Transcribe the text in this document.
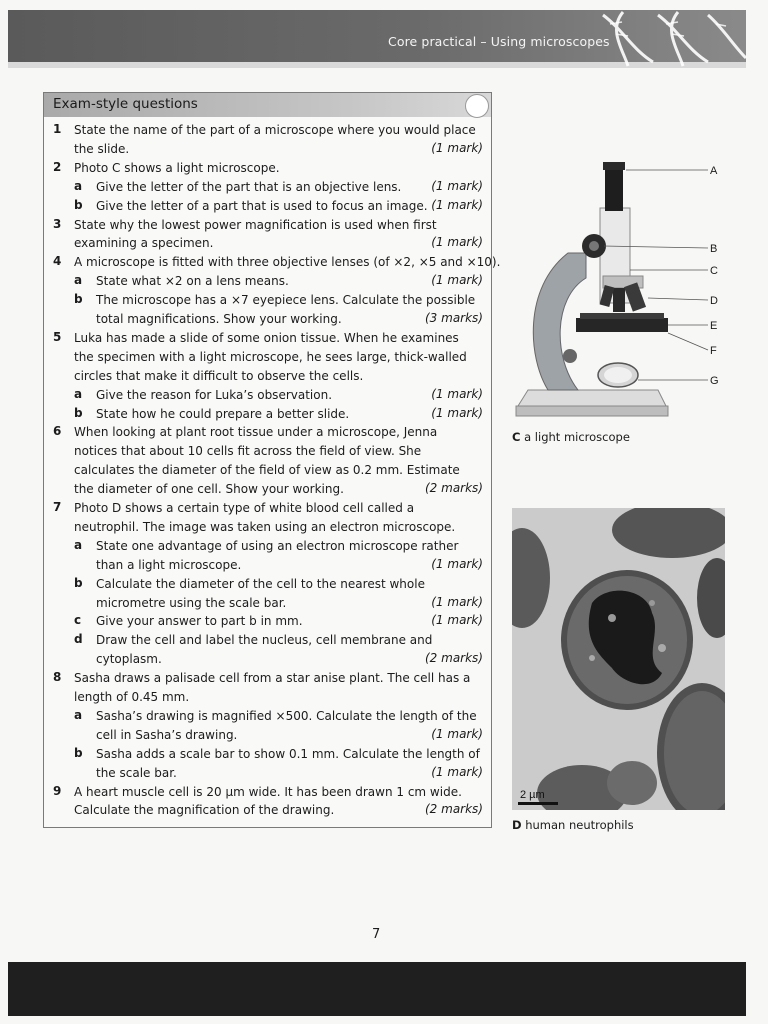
Core practical – Using microscopes
Exam-style questions
1 State the name of the part of a microscope where you would place
the slide.	(1 mark)
2 Photo C shows a light microscope.
a Give the letter of the part that is an objective lens. (1 mark)
b Give the letter of a part that is used to focus an image. (1 mark)
3 State why the lowest power magnification is used when first
examining a specimen.	(1 mark)
4 A microscope is fitted with three objective lenses (of ×2, ×5 and ×10).
a State what ×2 on a lens means.	(1 mark)
b The microscope has a ×7 eyepiece lens. Calculate the possible
total magnifications. Show your working.	(3 marks)
5 Luka has made a slide of some onion tissue. When he examines
the specimen with a light microscope, he sees large, thick-walled
circles that make it difficult to observe the cells.
a Give the reason for Luka’s observation.	(1 mark)
b State how he could prepare a better slide.	(1 mark)
6 When looking at plant root tissue under a microscope, Jenna
notices that about 10 cells fit across the field of view. She
calculates the diameter of the field of view as 0.2 mm. Estimate
the diameter of one cell. Show your working.	(2 marks)
7 Photo D shows a certain type of white blood cell called a
neutrophil. The image was taken using an electron microscope.
a State one advantage of using an electron microscope rather
than a light microscope.	(1 mark)
b Calculate the diameter of the cell to the nearest whole
micrometre using the scale bar.	(1 mark)
c Give your answer to part b in mm.	(1 mark)
d Draw the cell and label the nucleus, cell membrane and
cytoplasm.	(2 marks)
8 Sasha draws a palisade cell from a star anise plant. The cell has a
length of 0.45 mm.
a Sasha’s drawing is magnified ×500. Calculate the length of the
cell in Sasha’s drawing.	(1 mark)
b Sasha adds a scale bar to show 0.1 mm. Calculate the length of
the scale bar.	(1 mark)
9 A heart muscle cell is 20 µm wide. It has been drawn 1 cm wide.
Calculate the magnification of the drawing.	(2 marks)
A
B
C
D
E
F
G
C a light microscope
2 µm
D human neutrophils
7
